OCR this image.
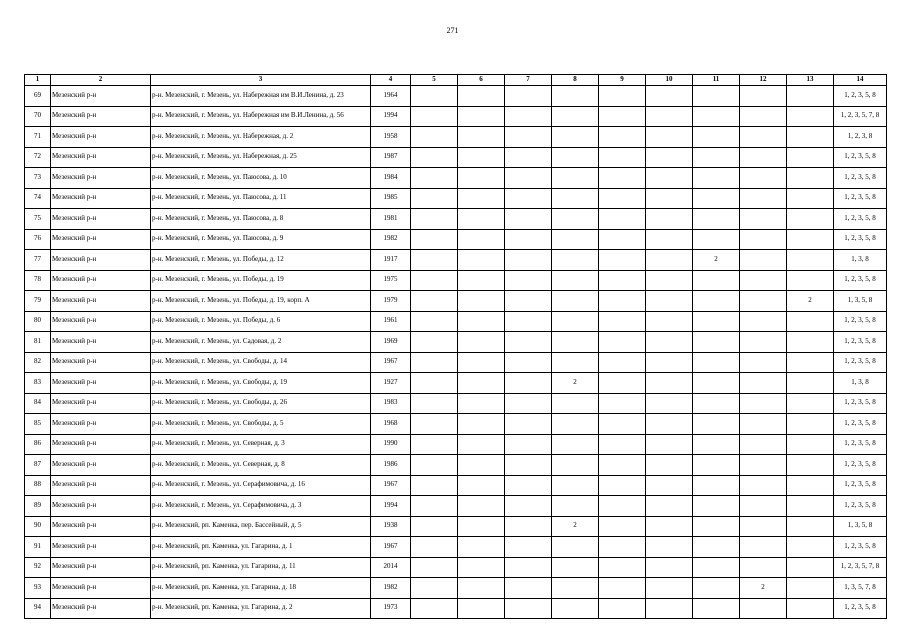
271
1	2	3	4	5	6	7	8	9	10	11	12	13	14
69	Мезенский р-н	р-н. Мезенский, г. Мезень, ул. Набережная им В.И.Ленина, д. 23	1964										1, 2, 3, 5, 8
70	Мезенский р-н	р-н. Мезенский, г. Мезень, ул. Набережная им В.И.Ленина, д. 56	1994										1, 2, 3, 5, 7, 8
71	Мезенский р-н	р-н. Мезенский, г. Мезень, ул. Набережная, д. 2	1958										1, 2, 3, 8
72	Мезенский р-н	р-н. Мезенский, г. Мезень, ул. Набережная, д. 25	1987										1, 2, 3, 5, 8
73	Мезенский р-н	р-н. Мезенский, г. Мезень, ул. Паюсова, д. 10	1984										1, 2, 3, 5, 8
74	Мезенский р-н	р-н. Мезенский, г. Мезень, ул. Паюсова, д. 11	1985										1, 2, 3, 5, 8
75	Мезенский р-н	р-н. Мезенский, г. Мезень, ул. Паюсова, д. 8	1981										1, 2, 3, 5, 8
76	Мезенский р-н	р-н. Мезенский, г. Мезень, ул. Паюсова, д. 9	1982										1, 2, 3, 5, 8
77	Мезенский р-н	р-н. Мезенский, г. Мезень, ул. Победы, д. 12	1917							2			1, 3, 8
78	Мезенский р-н	р-н. Мезенский, г. Мезень, ул. Победы, д. 19	1975										1, 2, 3, 5, 8
79	Мезенский р-н	р-н. Мезенский, г. Мезень, ул. Победы, д. 19, корп. А	1979									2	1, 3, 5, 8
80	Мезенский р-н	р-н. Мезенский, г. Мезень, ул. Победы, д. 6	1961										1, 2, 3, 5, 8
81	Мезенский р-н	р-н. Мезенский, г. Мезень, ул. Садовая, д. 2	1969										1, 2, 3, 5, 8
82	Мезенский р-н	р-н. Мезенский, г. Мезень, ул. Свободы, д. 14	1967										1, 2, 3, 5, 8
83	Мезенский р-н	р-н. Мезенский, г. Мезень, ул. Свободы, д. 19	1927				2						1, 3, 8
84	Мезенский р-н	р-н. Мезенский, г. Мезень, ул. Свободы, д. 26	1983										1, 2, 3, 5, 8
85	Мезенский р-н	р-н. Мезенский, г. Мезень, ул. Свободы, д. 5	1968										1, 2, 3, 5, 8
86	Мезенский р-н	р-н. Мезенский, г. Мезень, ул. Северная, д. 3	1990										1, 2, 3, 5, 8
87	Мезенский р-н	р-н. Мезенский, г. Мезень, ул. Северная, д. 8	1986										1, 2, 3, 5, 8
88	Мезенский р-н	р-н. Мезенский, г. Мезень, ул. Серафимовича, д. 16	1967										1, 2, 3, 5, 8
89	Мезенский р-н	р-н. Мезенский, г. Мезень, ул. Серафимовича, д. 3	1994										1, 2, 3, 5, 8
90	Мезенский р-н	р-н. Мезенский, рп. Каменка, пер. Бассейный, д. 5	1938				2						1, 3, 5, 8
91	Мезенский р-н	р-н. Мезенский, рп. Каменка, ул. Гагарина, д. 1	1967										1, 2, 3, 5, 8
92	Мезенский р-н	р-н. Мезенский, рп. Каменка, ул. Гагарина, д. 11	2014										1, 2, 3, 5, 7, 8
93	Мезенский р-н	р-н. Мезенский, рп. Каменка, ул. Гагарина, д. 18	1982								2		1, 3, 5, 7, 8
94	Мезенский р-н	р-н. Мезенский, рп. Каменка, ул. Гагарина, д. 2	1973										1, 2, 3, 5, 8
